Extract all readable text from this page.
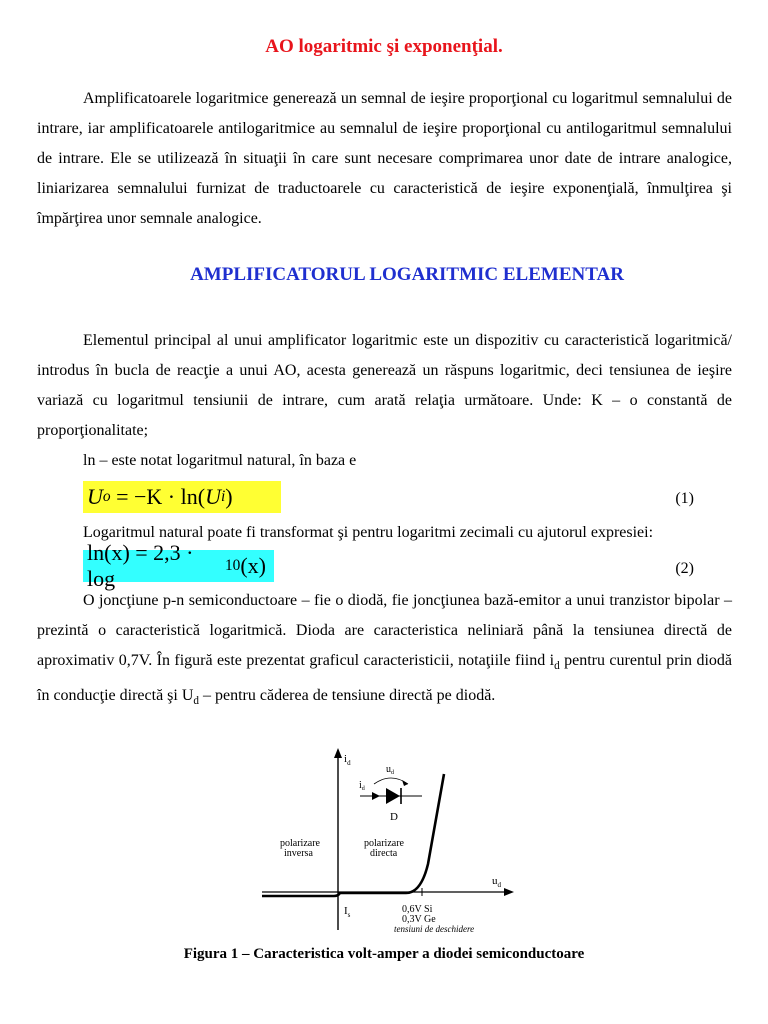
AO logaritmic şi exponenţial.
Amplificatoarele logaritmice generează un semnal de ieşire proporţional cu logaritmul semnalului de intrare, iar amplificatoarele antilogaritmice au semnalul de ieşire proporţional cu antilogaritmul semnalului de intrare. Ele se utilizează în situaţii în care sunt necesare comprimarea unor date de intrare analogice, liniarizarea semnalului furnizat de traductoarele cu caracteristică de ieşire exponenţială, înmulţirea şi împărţirea unor semnale analogice.
AMPLIFICATORUL LOGARITMIC ELEMENTAR
Elementul principal al unui amplificator logaritmic este un dispozitiv cu caracteristică logaritmică/ introdus în bucla de reacţie a unui AO, acesta generează un răspuns logaritmic, deci tensiunea de ieşire variază cu logaritmul tensiunii de intrare, cum arată relaţia următoare. Unde: K – o constantă de proporţionalitate;
ln – este notat logaritmul natural, în baza e
U o
= −K · ln( U i )	(1)
Logaritmul natural poate fi transformat şi pentru logaritmi zecimali cu ajutorul expresiei:
ln(x) = 2,3 · log
10 (x)	(2)
O joncţiune p-n semiconductoare – fie o diodă, fie joncţiunea bază-emitor a unui tranzistor bipolar – prezintă o caracteristică logaritmică. Dioda are caracteristica neliniară până la tensiunea directă de aproximativ 0,7V. În figură este prezentat graficul caracteristicii, notaţiile fiind $i_d$ pentru curentul prin diodă în conducţie directă şi $U_d$ – pentru căderea de tensiune directă pe diodă.
$i_d$
$u_d$
$u_d$
$i_d$
D
polarizare
inversa
polarizare
directa
$I_s$	0,6V Si
0,3V Ge
tensiuni de deschidere
Figura 1 – Caracteristica volt-amper a diodei semiconductoare
